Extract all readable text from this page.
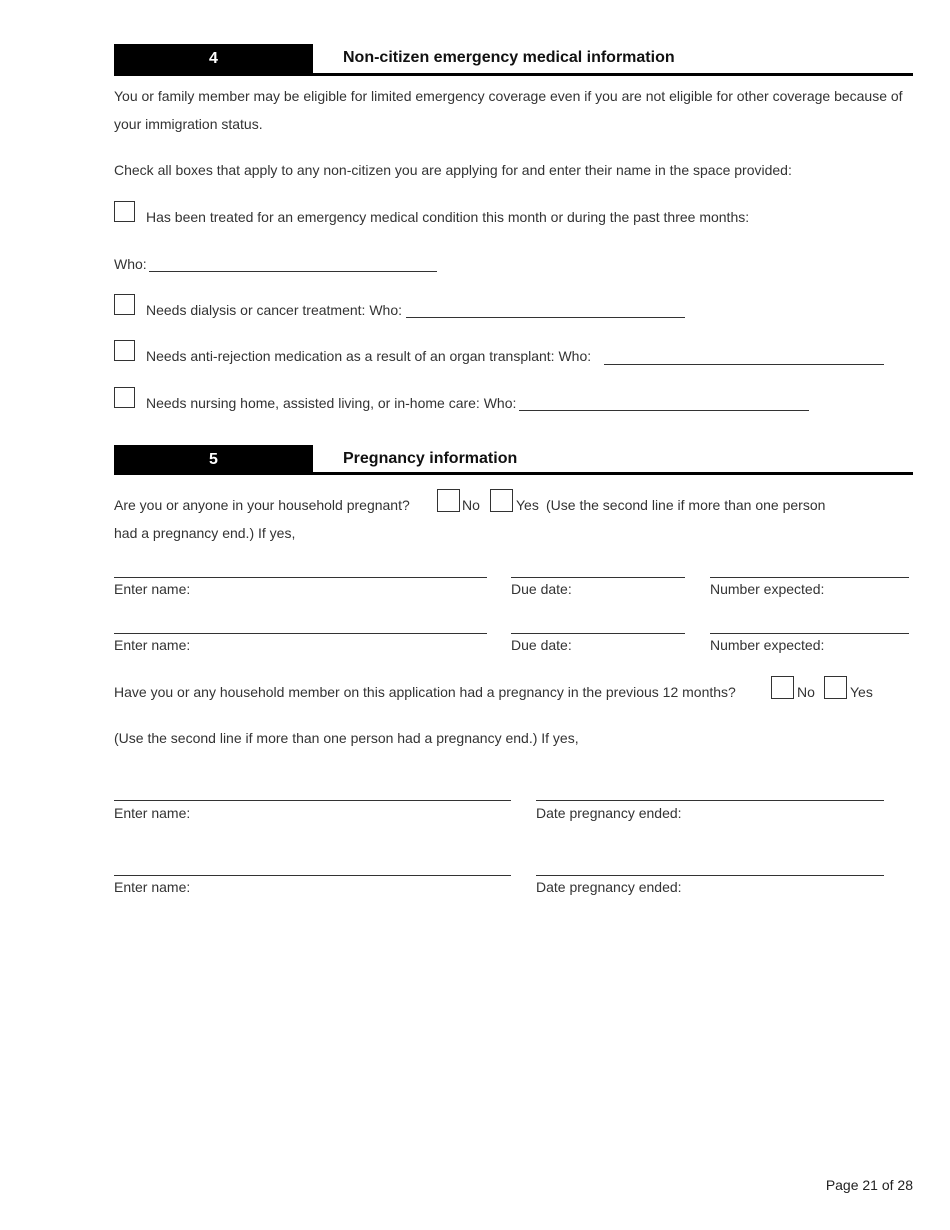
4	Non-citizen emergency medical information
You or family member may be eligible for limited emergency coverage even if you are not eligible for other coverage because of
your immigration status.
Check all boxes that apply to any non-citizen you are applying for and enter their name in the space provided:
Has been treated for an emergency medical condition this month or during the past three months:
Who:
Needs dialysis or cancer treatment: Who:
Needs anti-rejection medication as a result of an organ transplant: Who:
Needs nursing home, assisted living, or in-home care: Who:
5	Pregnancy information
Are you or anyone in your household pregnant?	No	Yes (Use the second line if more than one person
had a pregnancy end.) If yes,
Enter name:	Due date:	Number expected:
Enter name:	Due date:	Number expected:
Have you or any household member on this application had a pregnancy in the previous 12 months?	No	Yes
(Use the second line if more than one person had a pregnancy end.) If yes,
Enter name:	Date pregnancy ended:
Enter name:	Date pregnancy ended:
Page 21 of 28
